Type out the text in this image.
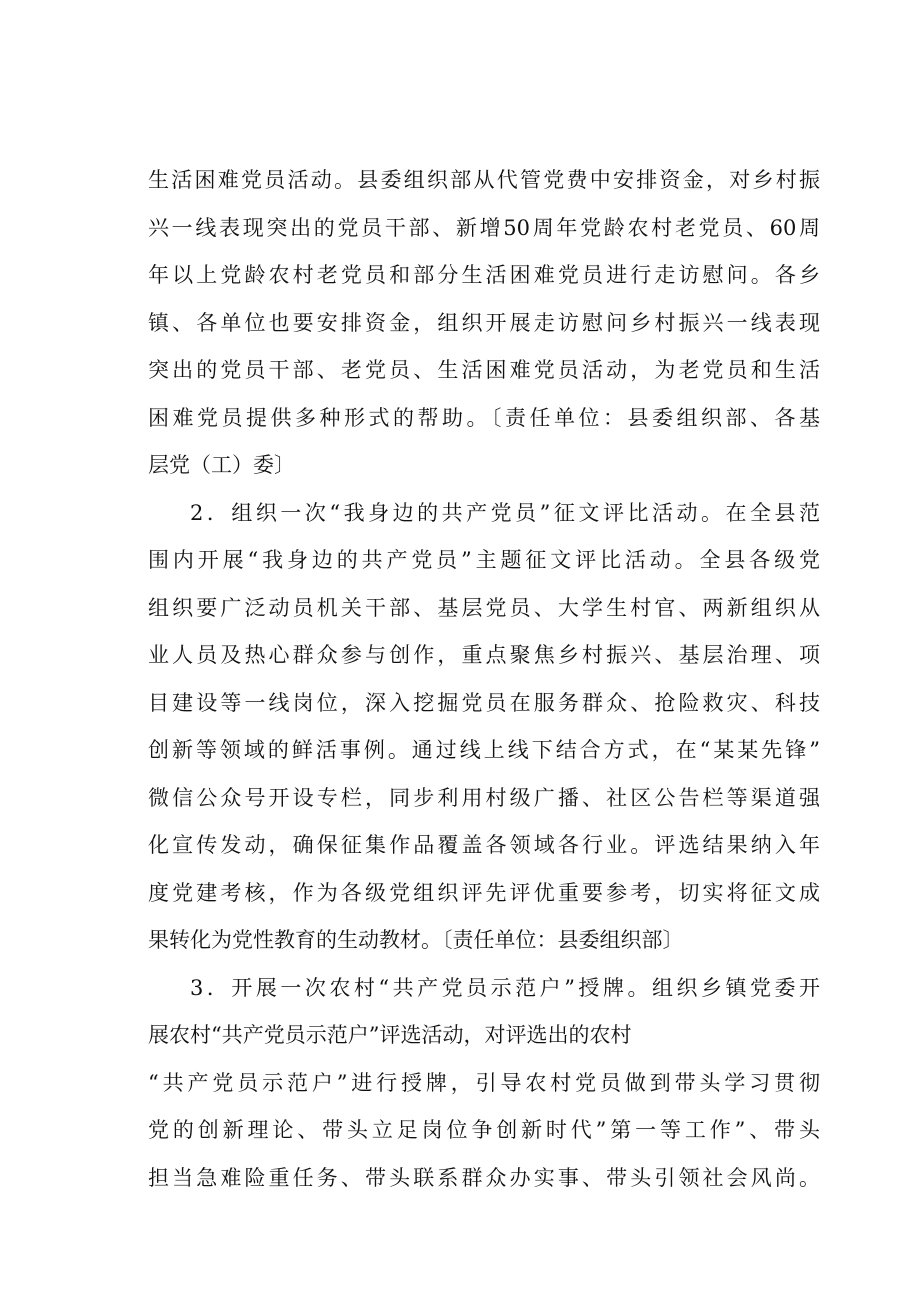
生活困难党员活动。县委组织部从代管党费中安排资金，对乡村振
兴一线表现突出的党员干部、新增50周年党龄农村老党员、60周
年以上党龄农村老党员和部分生活困难党员进行走访慰问。各乡
镇、各单位也要安排资金，组织开展走访慰问乡村振兴一线表现
突出的党员干部、老党员、生活困难党员活动，为老党员和生活
困难党员提供多种形式的帮助。〔责任单位：县委组织部、各基
层党（工）委〕
2．组织一次“我身边的共产党员”征文评比活动。在全县范
围内开展“我身边的共产党员”主题征文评比活动。全县各级党
组织要广泛动员机关干部、基层党员、大学生村官、两新组织从
业人员及热心群众参与创作，重点聚焦乡村振兴、基层治理、项
目建设等一线岗位，深入挖掘党员在服务群众、抢险救灾、科技
创新等领域的鲜活事例。通过线上线下结合方式，在“某某先锋”
微信公众号开设专栏，同步利用村级广播、社区公告栏等渠道强
化宣传发动，确保征集作品覆盖各领域各行业。评选结果纳入年
度党建考核，作为各级党组织评先评优重要参考，切实将征文成
果转化为党性教育的生动教材。〔责任单位：县委组织部〕
3．开展一次农村“共产党员示范户”授牌。组织乡镇党委开
展农村“共产党员示范户”评选活动，对评选出的农村
“共产党员示范户”进行授牌，引导农村党员做到带头学习贯彻
党的创新理论、带头立足岗位争创新时代”第一等工作”、带头
担当急难险重任务、带头联系群众办实事、带头引领社会风尚。
